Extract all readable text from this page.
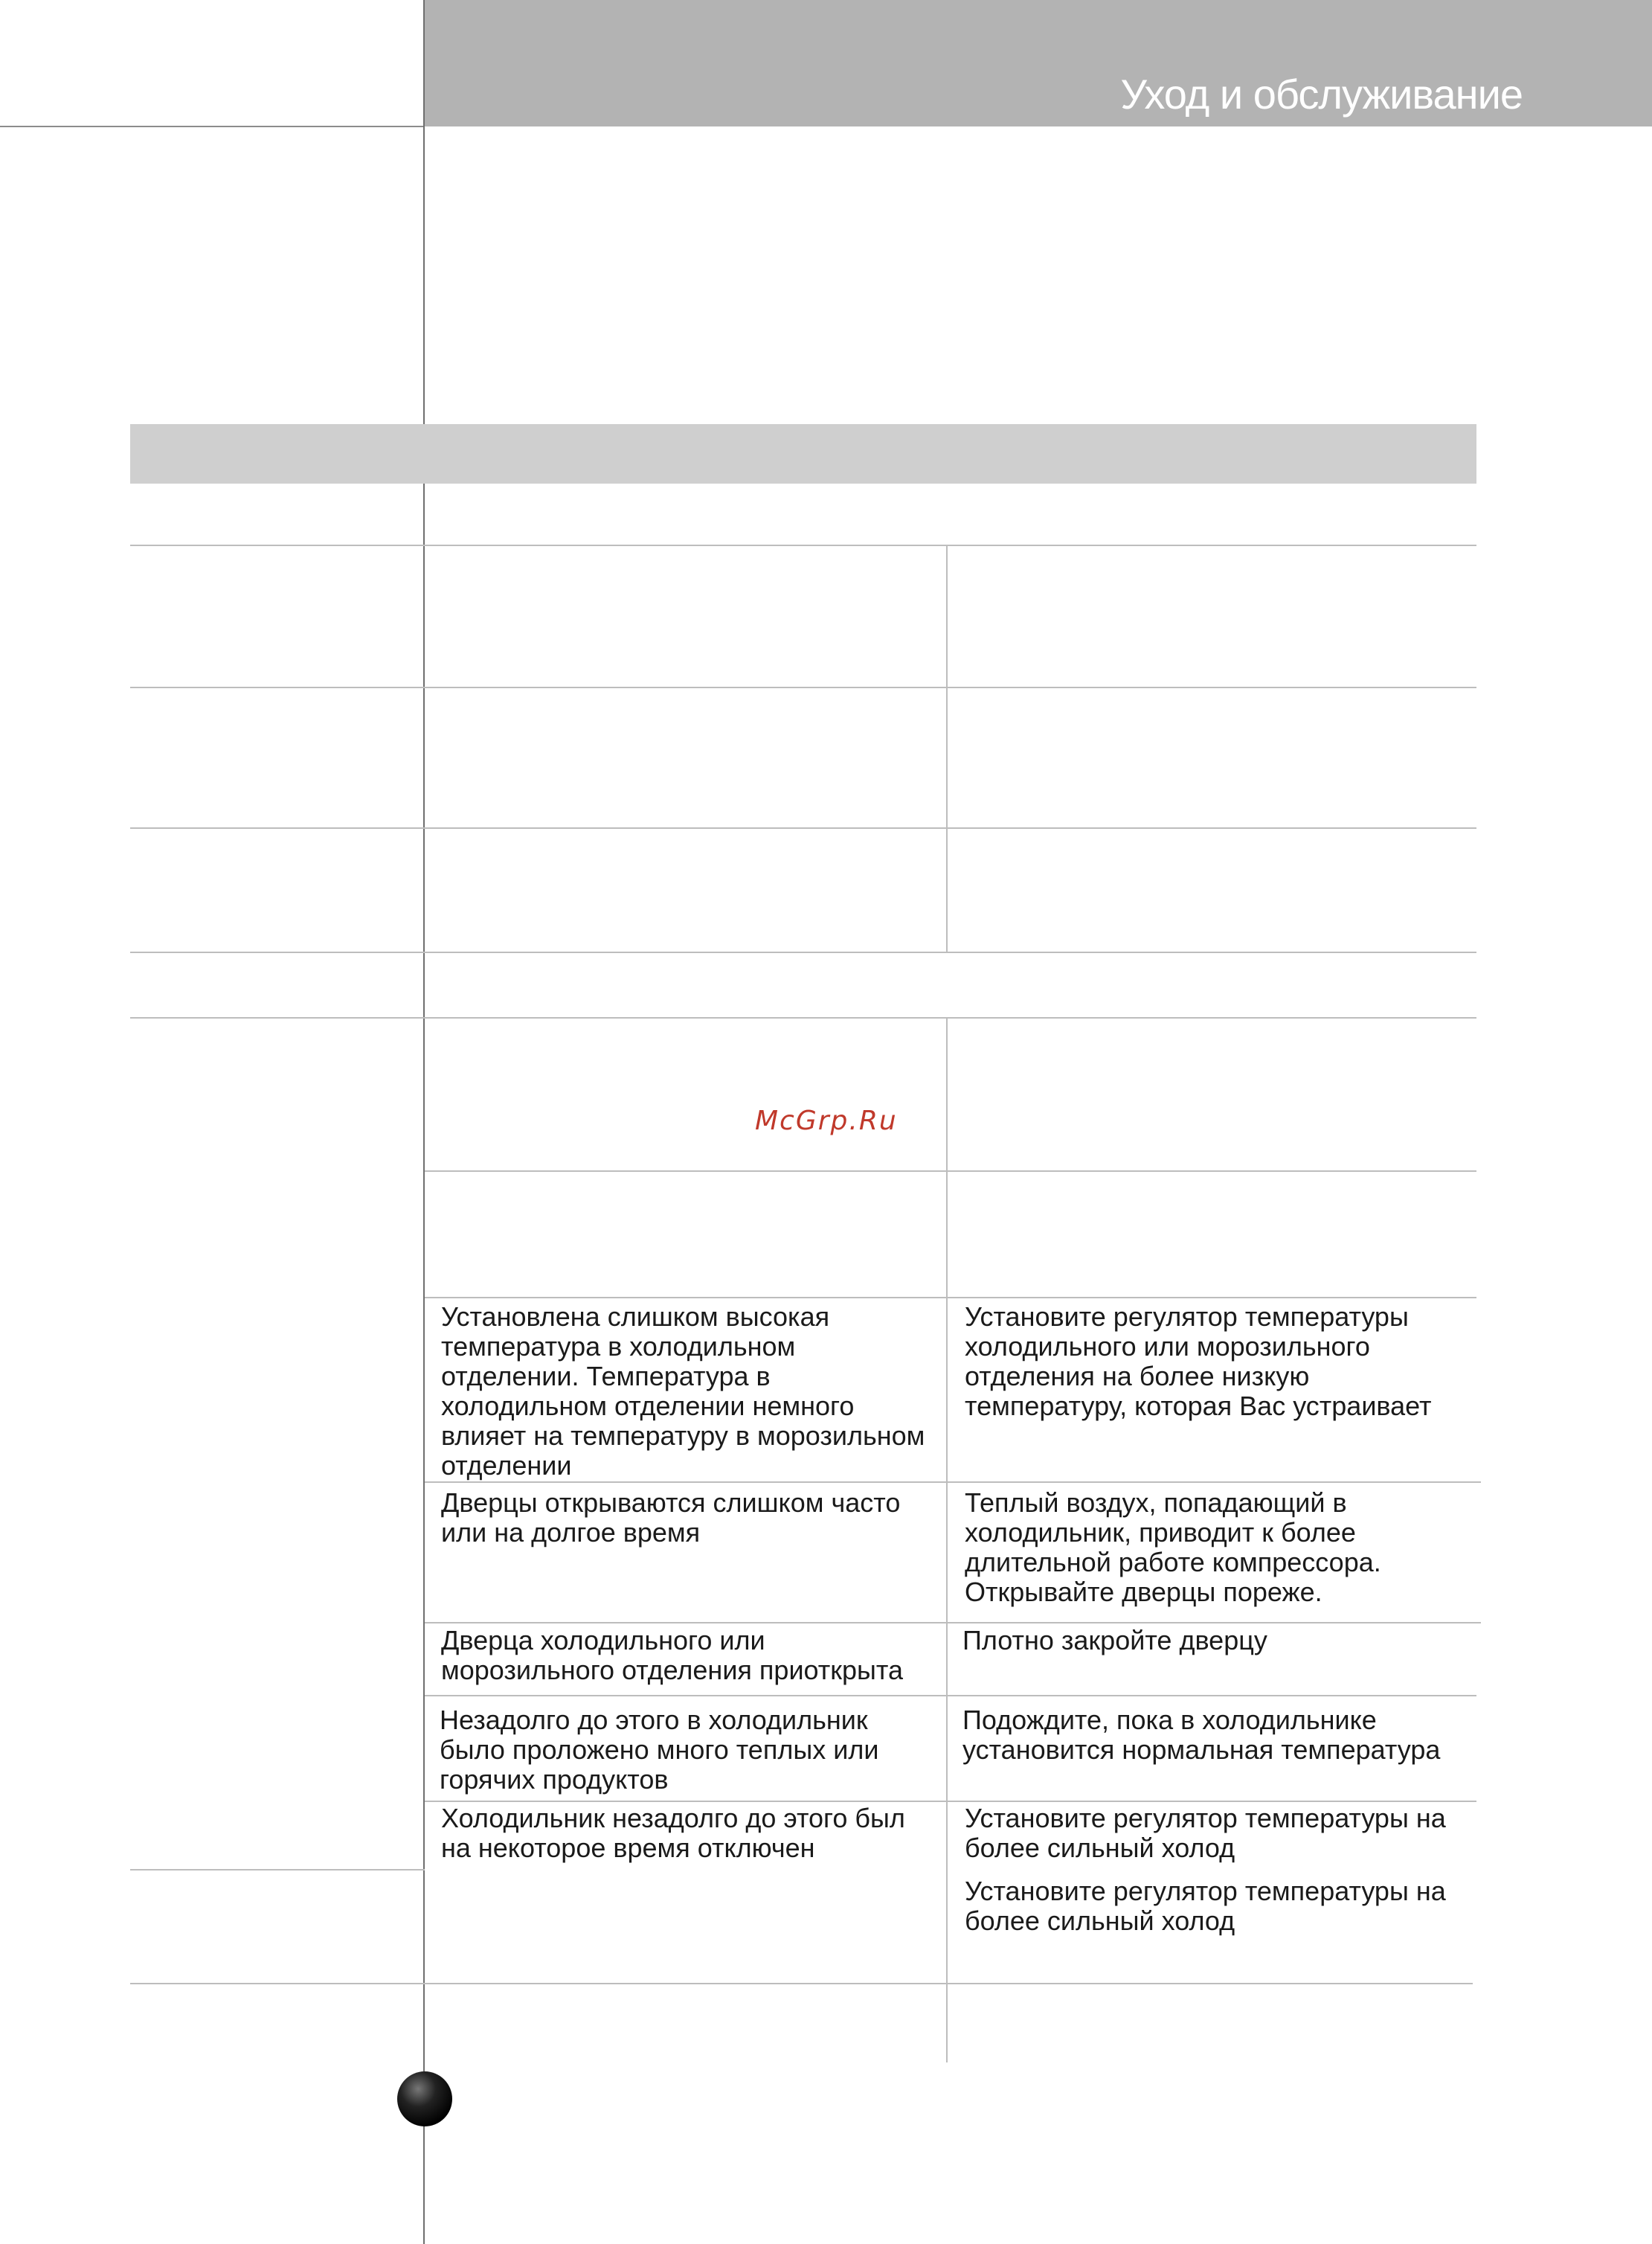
Уход и обслуживание
Установлена слишком высокая
температура в холодильном
отделении. Температура в
холодильном отделении немного
влияет на температуру в морозильном
отделении
Установите регулятор температуры
холодильного или морозильного
отделения на более низкую
температуру, которая Вас устраивает
Дверцы открываются слишком часто
или на долгое время
Теплый воздух, попадающий в
холодильник, приводит к более
длительной работе компрессора.
Открывайте дверцы пореже.
Дверца холодильного или
морозильного отделения приоткрыта
Плотно закройте дверцу
Незадолго до этого в холодильник
было проложено много теплых или
горячих продуктов
Подождите, пока в холодильнике
установится нормальная температура
Холодильник незадолго до этого был
на некоторое время отключен
Установите регулятор температуры на
более сильный холод
Установите регулятор температуры на
более сильный холод
McGrp.Ru
